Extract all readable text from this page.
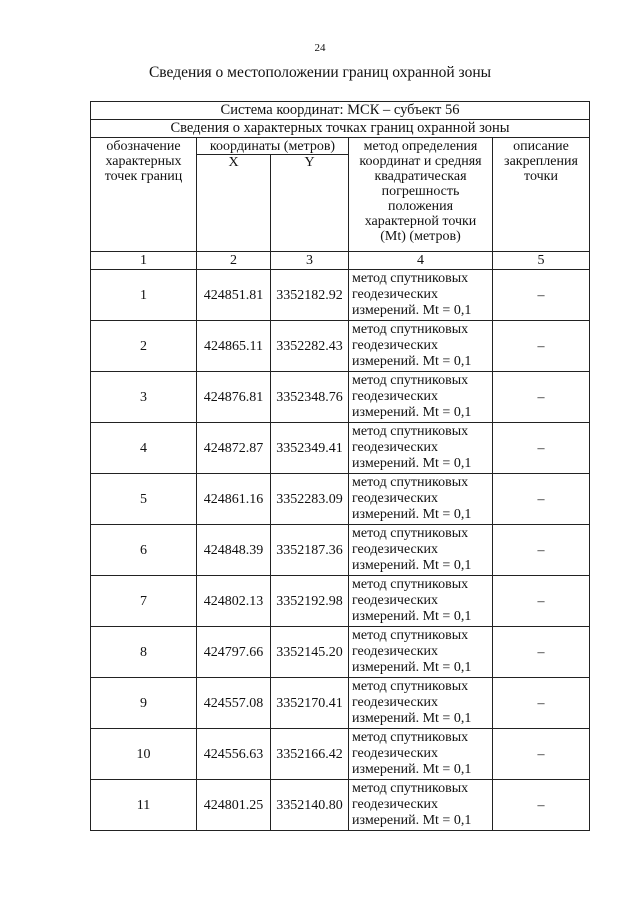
24
Сведения о местоположении границ охранной зоны
Система координат: МСК – субъект 56				
Сведения о характерных точках границ охранной зоны				
обозначение характерных точек границ	координаты (метров)		метод определения координат и средняя квадратическая погрешность положения характерной точки (Mt) (метров)	описание закрепления точки
	X	Y		
1	2	3	4	5
1	424851.81	3352182.92	метод спутниковых геодезических измерений. Mt = 0,1	–
2	424865.11	3352282.43	метод спутниковых геодезических измерений. Mt = 0,1	–
3	424876.81	3352348.76	метод спутниковых геодезических измерений. Mt = 0,1	–
4	424872.87	3352349.41	метод спутниковых геодезических измерений. Mt = 0,1	–
5	424861.16	3352283.09	метод спутниковых геодезических измерений. Mt = 0,1	–
6	424848.39	3352187.36	метод спутниковых геодезических измерений. Mt = 0,1	–
7	424802.13	3352192.98	метод спутниковых геодезических измерений. Mt = 0,1	–
8	424797.66	3352145.20	метод спутниковых геодезических измерений. Mt = 0,1	–
9	424557.08	3352170.41	метод спутниковых геодезических измерений. Mt = 0,1	–
10	424556.63	3352166.42	метод спутниковых геодезических измерений. Mt = 0,1	–
11	424801.25	3352140.80	метод спутниковых геодезических измерений. Mt = 0,1	–
